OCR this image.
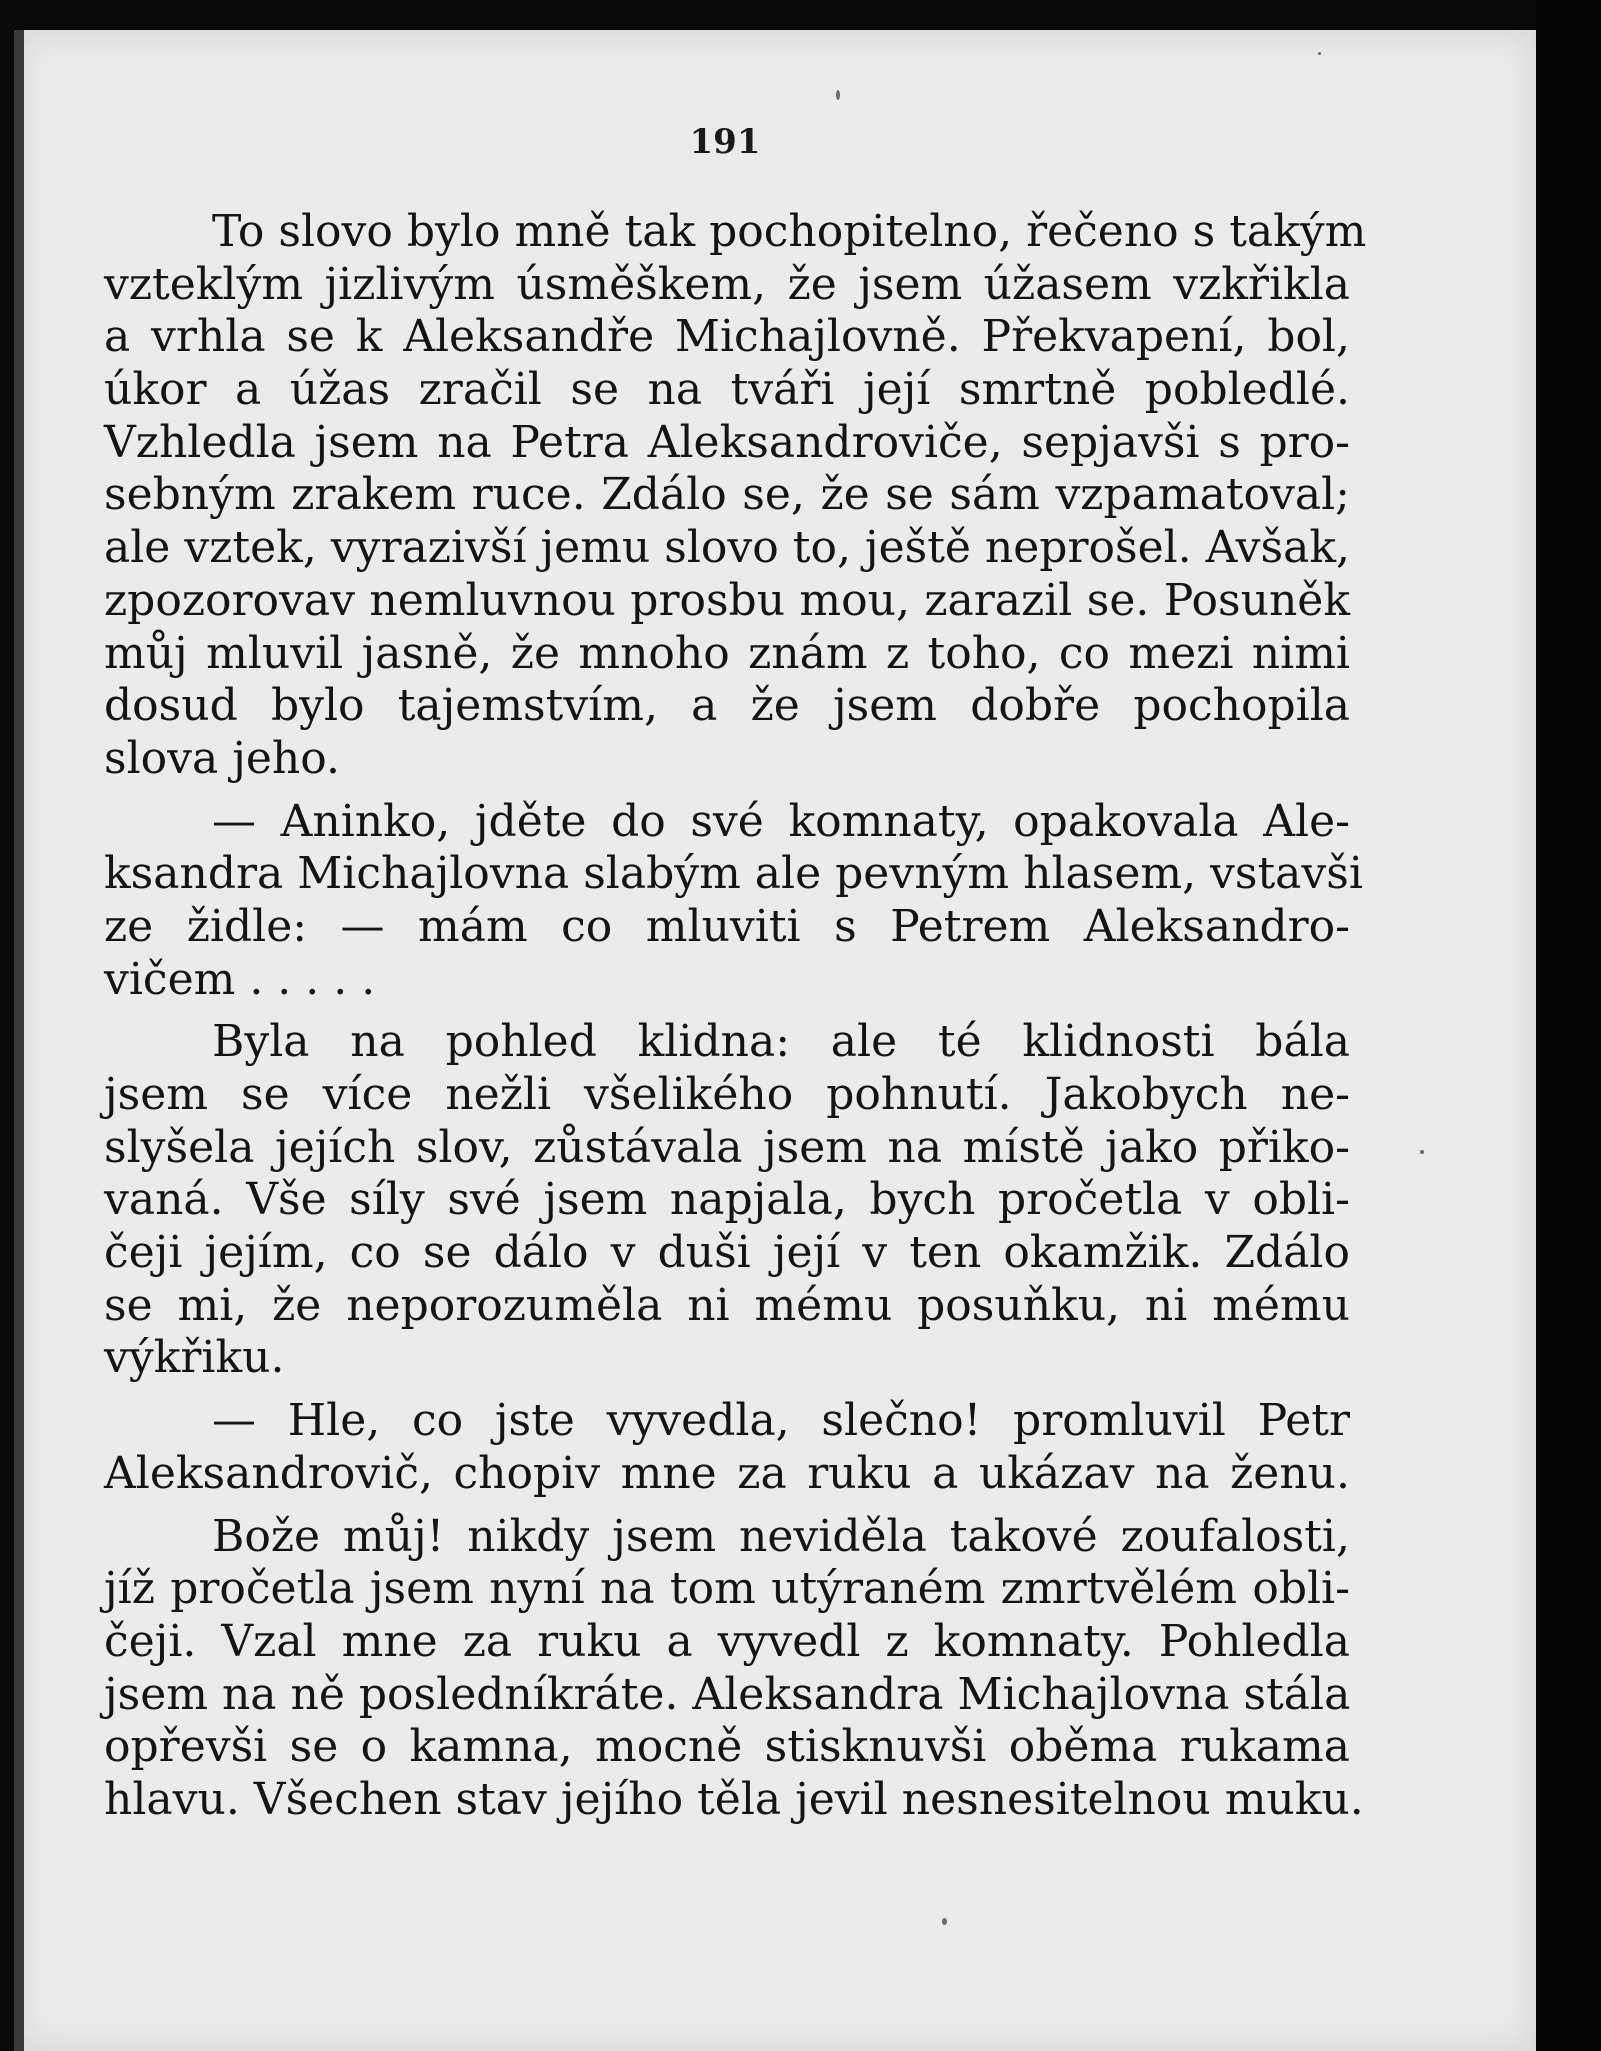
191
To slovo bylo mně tak pochopitelno, řečeno s takým
vzteklým jizlivým úsměškem, že jsem úžasem vzkřikla
a vrhla se k Aleksandře Michajlovně. Překvapení, bol,
úkor a úžas zračil se na tváři její smrtně pobledlé.
Vzhledla jsem na Petra Aleksandroviče, sepjavši s pro-
sebným zrakem ruce. Zdálo se, že se sám vzpamatoval;
ale vztek, vyrazivší jemu slovo to, ještě neprošel. Avšak,
zpozorovav nemluvnou prosbu mou, zarazil se. Posuněk
můj mluvil jasně, že mnoho znám z toho, co mezi nimi
dosud bylo tajemstvím, a že jsem dobře pochopila
slova jeho.
— Aninko, jděte do své komnaty, opakovala Ale-
ksandra Michajlovna slabým ale pevným hlasem, vstavši
ze židle: — mám co mluviti s Petrem Aleksandro-
vičem . . . . .
Byla na pohled klidna: ale té klidnosti bála
jsem se více nežli všelikého pohnutí. Jakobych ne-
slyšela jejích slov, zůstávala jsem na místě jako přiko-
vaná. Vše síly své jsem napjala, bych pročetla v obli-
čeji jejím, co se dálo v duši její v ten okamžik. Zdálo
se mi, že neporozuměla ni mému posuňku, ni mému
výkřiku.
— Hle, co jste vyvedla, slečno! promluvil Petr
Aleksandrovič, chopiv mne za ruku a ukázav na ženu.
Bože můj! nikdy jsem neviděla takové zoufalosti,
jíž pročetla jsem nyní na tom utýraném zmrtvělém obli-
čeji. Vzal mne za ruku a vyvedl z komnaty. Pohledla
jsem na ně posledníkráte. Aleksandra Michajlovna stála
opřevši se o kamna, mocně stisknuvši oběma rukama
hlavu. Všechen stav jejího těla jevil nesnesitelnou muku.
